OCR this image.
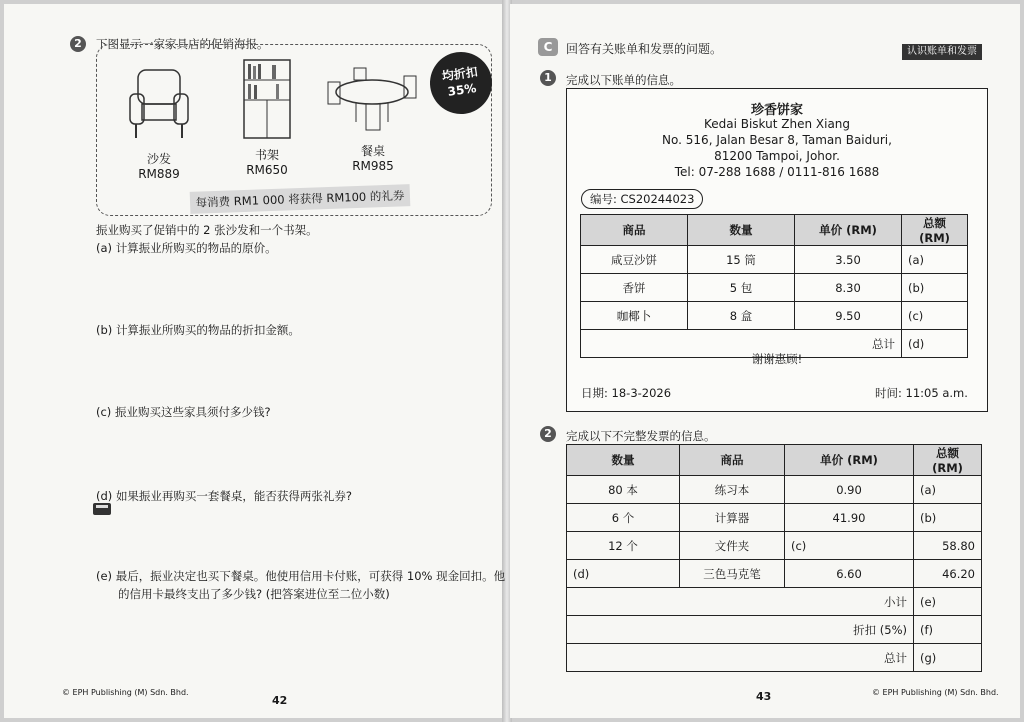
2	下图显示一家家具店的促销海报。
均折扣
35%
沙发
RM889
书架
RM650
餐桌
RM985
每消费 RM1 000 将获得 RM100 的礼券
振业购买了促销中的 2 张沙发和一个书架。
(a) 计算振业所购买的物品的原价。
(b) 计算振业所购买的物品的折扣金额。
(c) 振业购买这些家具须付多少钱?
(d) 如果振业再购买一套餐桌，能否获得两张礼券?
(e) 最后，振业决定也买下餐桌。他使用信用卡付账，可获得 10% 现金回扣。他
的信用卡最终支出了多少钱? (把答案进位至二位小数)
© EPH Publishing (M) Sdn. Bhd.
42
C	回答有关账单和发票的问题。	认识账单和发票
1	完成以下账单的信息。
珍香饼家
Kedai Biskut Zhen Xiang
No. 516, Jalan Besar 8, Taman Baiduri,
81200 Tampoi, Johor.
Tel: 07-288 1688 / 0111-816 1688
编号: CS20244023
谢谢惠顾!
日期: 18-3-2026	时间: 11:05 a.m.
商品	数量	单价 (RM)	总额 (RM)
咸豆沙饼	15 筒	3.50	(a)
香饼	5 包	8.30	(b)
咖椰卜	8 盒	9.50	(c)
总计			(d)
2	完成以下不完整发票的信息。
数量	商品	单价 (RM)	总额 (RM)
80 本	练习本	0.90	(a)
6 个	计算器	41.90	(b)
12 个	文件夹	(c)	58.80
(d)	三色马克笔	6.60	46.20
小计			(e)
折扣 (5%)			(f)
总计			(g)
43	© EPH Publishing (M) Sdn. Bhd.
